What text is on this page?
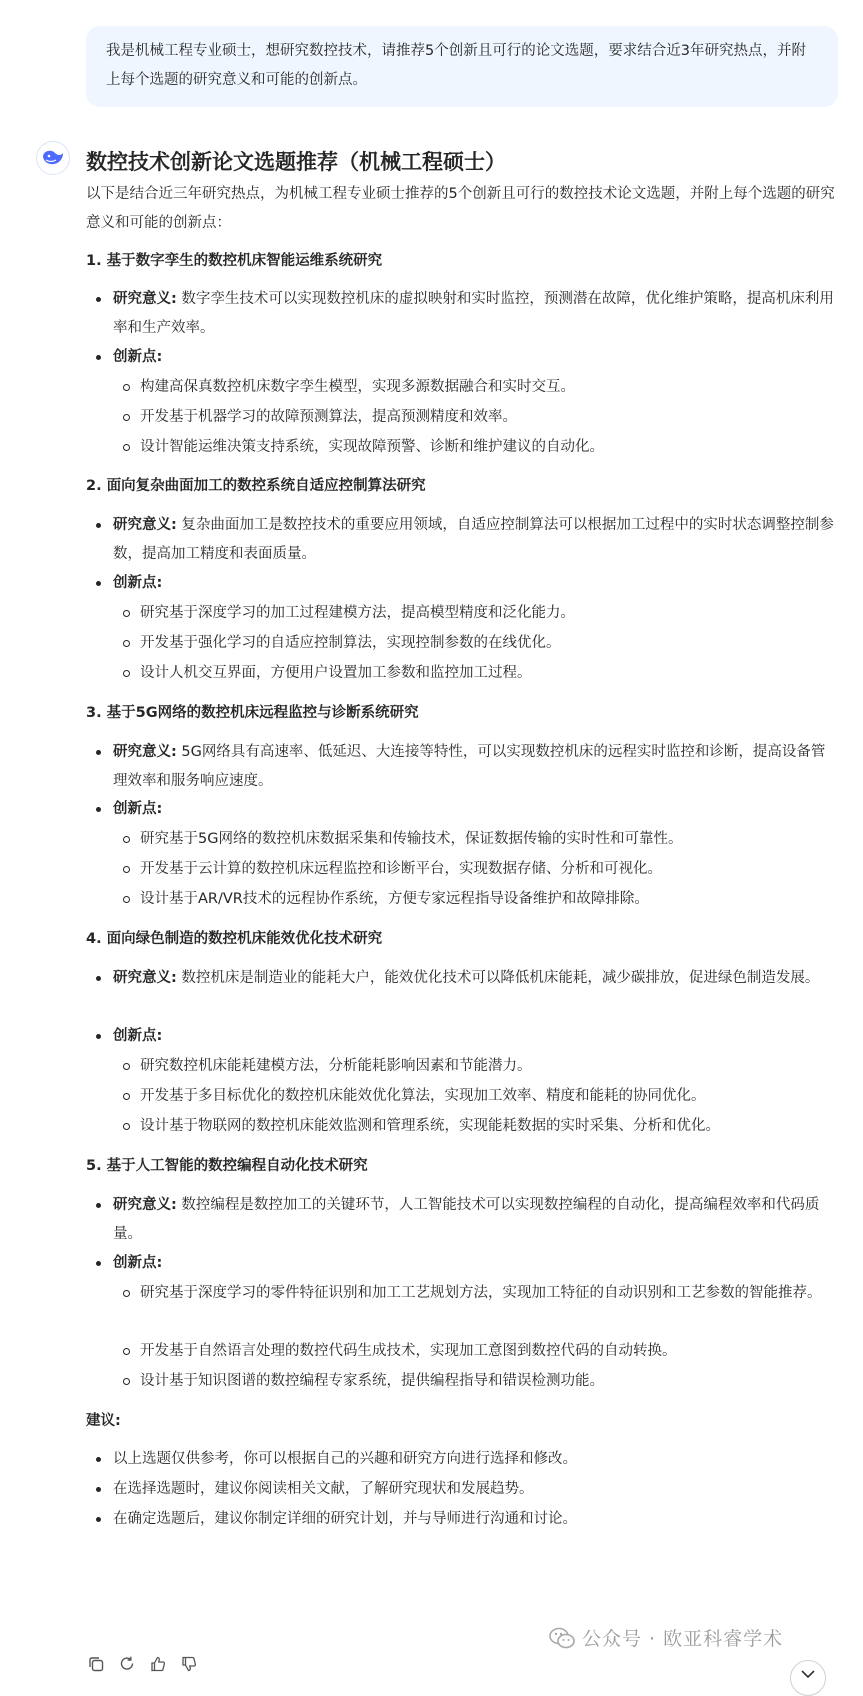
我是机械工程专业硕士，想研究数控技术，请推荐5个创新且可行的论文选题，要求结合近3年研究热点，并附上每个选题的研究意义和可能的创新点。
数控技术创新论文选题推荐（机械工程硕士）

以下是结合近三年研究热点，为机械工程专业硕士推荐的5个创新且可行的数控技术论文选题，并附上每个选题的研究意义和可能的创新点：

1. 基于数字孪生的数控机床智能运维系统研究
研究意义: 数字孪生技术可以实现数控机床的虚拟映射和实时监控，预测潜在故障，优化维护策略，提高机床利用率和生产效率。
创新点:
构建高保真数控机床数字孪生模型，实现多源数据融合和实时交互。
开发基于机器学习的故障预测算法，提高预测精度和效率。
设计智能运维决策支持系统，实现故障预警、诊断和维护建议的自动化。
2. 面向复杂曲面加工的数控系统自适应控制算法研究
研究意义: 复杂曲面加工是数控技术的重要应用领域，自适应控制算法可以根据加工过程中的实时状态调整控制参数，提高加工精度和表面质量。
创新点:
研究基于深度学习的加工过程建模方法，提高模型精度和泛化能力。
开发基于强化学习的自适应控制算法，实现控制参数的在线优化。
设计人机交互界面，方便用户设置加工参数和监控加工过程。
3. 基于5G网络的数控机床远程监控与诊断系统研究
研究意义: 5G网络具有高速率、低延迟、大连接等特性，可以实现数控机床的远程实时监控和诊断，提高设备管理效率和服务响应速度。
创新点:
研究基于5G网络的数控机床数据采集和传输技术，保证数据传输的实时性和可靠性。
开发基于云计算的数控机床远程监控和诊断平台，实现数据存储、分析和可视化。
设计基于AR/VR技术的远程协作系统，方便专家远程指导设备维护和故障排除。
4. 面向绿色制造的数控机床能效优化技术研究
研究意义: 数控机床是制造业的能耗大户，能效优化技术可以降低机床能耗，减少碳排放，促进绿色制造发展。
创新点:
研究数控机床能耗建模方法，分析能耗影响因素和节能潜力。
开发基于多目标优化的数控机床能效优化算法，实现加工效率、精度和能耗的协同优化。
设计基于物联网的数控机床能效监测和管理系统，实现能耗数据的实时采集、分析和优化。
5. 基于人工智能的数控编程自动化技术研究
研究意义: 数控编程是数控加工的关键环节，人工智能技术可以实现数控编程的自动化，提高编程效率和代码质量。
创新点:
研究基于深度学习的零件特征识别和加工工艺规划方法，实现加工特征的自动识别和工艺参数的智能推荐。
开发基于自然语言处理的数控代码生成技术，实现加工意图到数控代码的自动转换。
设计基于知识图谱的数控编程专家系统，提供编程指导和错误检测功能。
建议:
以上选题仅供参考，你可以根据自己的兴趣和研究方向进行选择和修改。
在选择选题时，建议你阅读相关文献，了解研究现状和发展趋势。
在确定选题后，建议你制定详细的研究计划，并与导师进行沟通和讨论。
公众号 · 欧亚科睿学术
